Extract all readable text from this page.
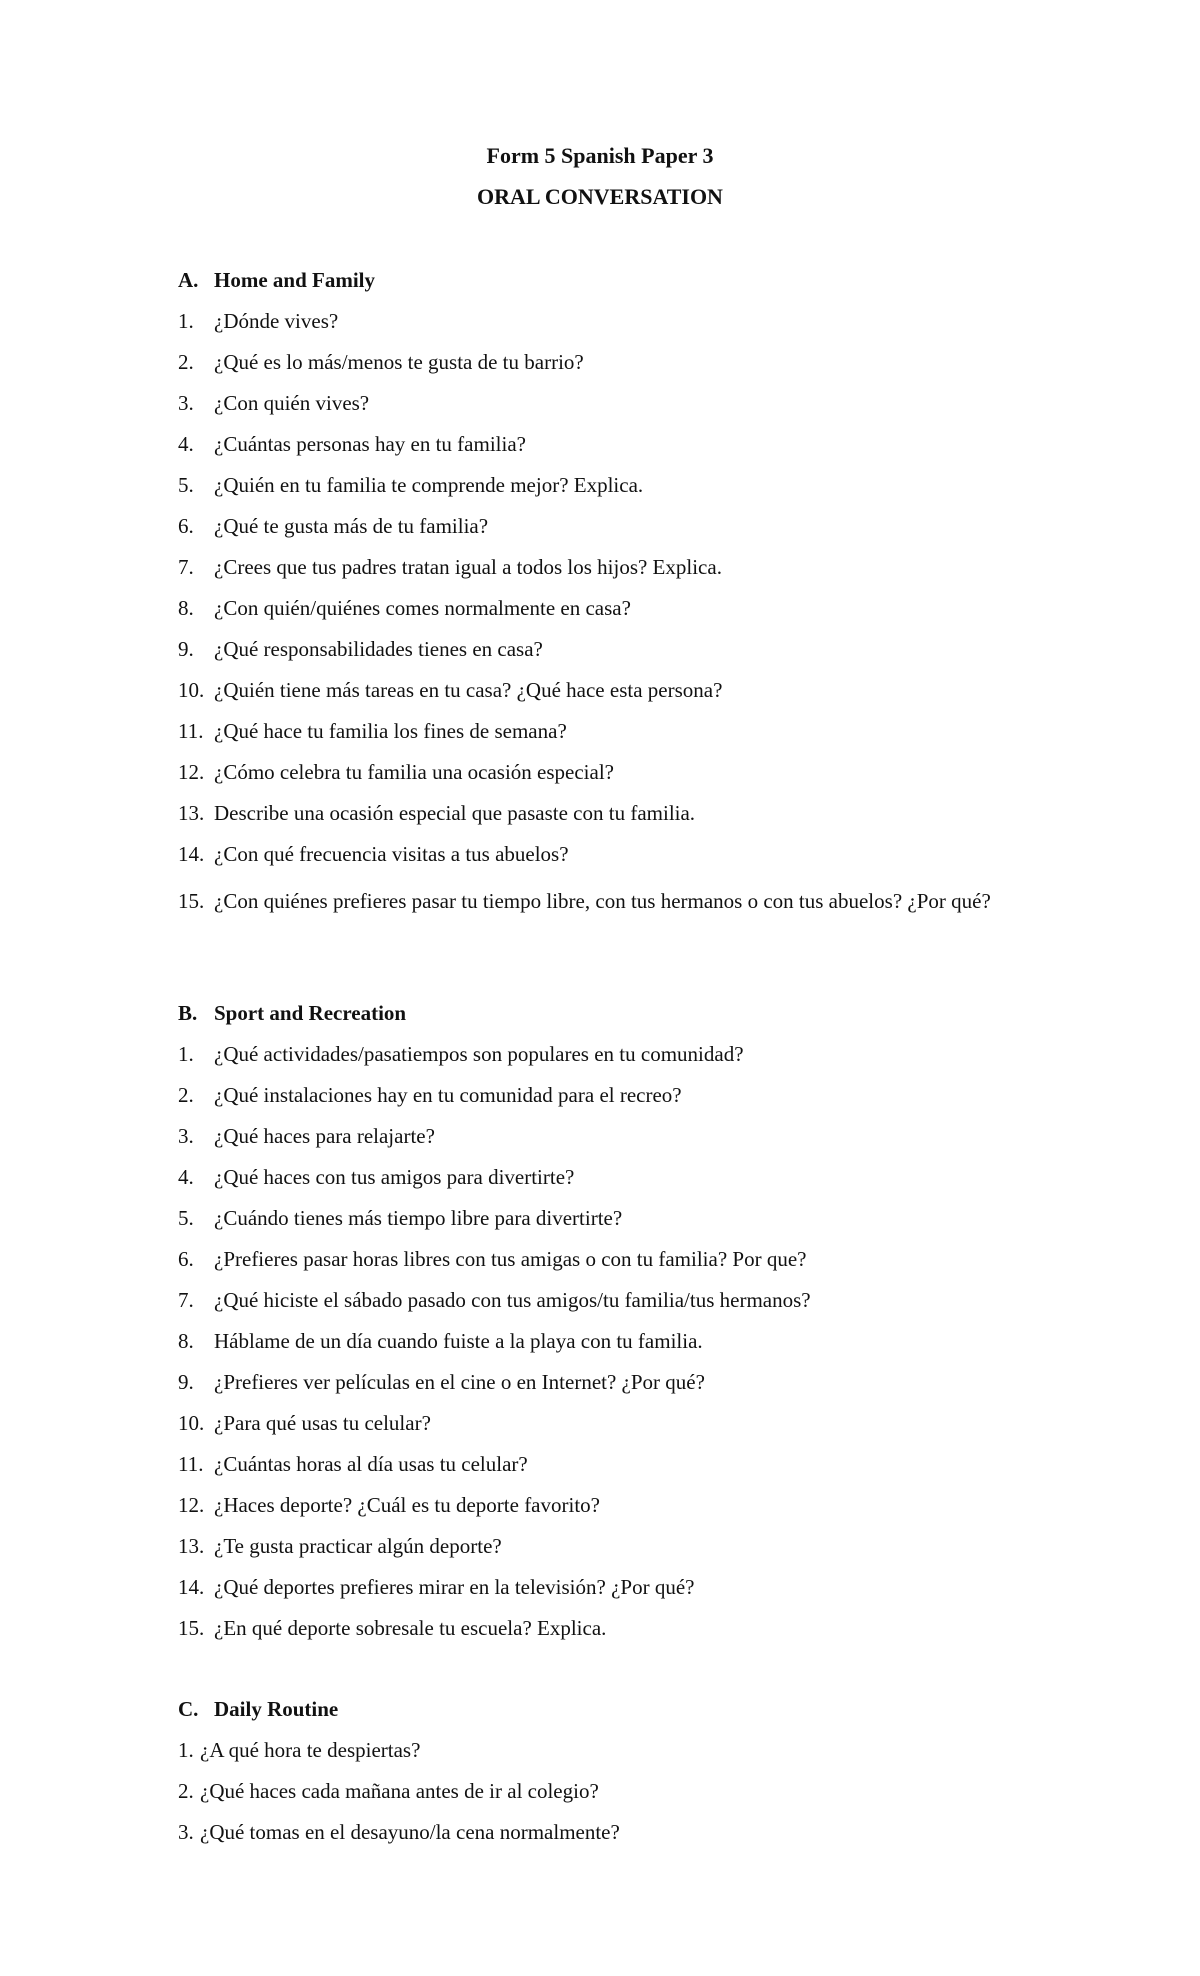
Form 5 Spanish Paper 3
ORAL CONVERSATION
A. Home and Family
1. ¿Dónde vives?
2. ¿Qué es lo más/menos te gusta de tu barrio?
3. ¿Con quién vives?
4. ¿Cuántas personas hay en tu familia?
5. ¿Quién en tu familia te comprende mejor? Explica.
6. ¿Qué te gusta más de tu familia?
7. ¿Crees que tus padres tratan igual a todos los hijos? Explica.
8. ¿Con quién/quiénes comes normalmente en casa?
9. ¿Qué responsabilidades tienes en casa?
10. ¿Quién tiene más tareas en tu casa? ¿Qué hace esta persona?
11. ¿Qué hace tu familia los fines de semana?
12. ¿Cómo celebra tu familia una ocasión especial?
13. Describe una ocasión especial que pasaste con tu familia.
14. ¿Con qué frecuencia visitas a tus abuelos?
15. ¿Con quiénes prefieres pasar tu tiempo libre, con tus hermanos o con tus abuelos? ¿Por qué?
B. Sport and Recreation
1. ¿Qué actividades/pasatiempos son populares en tu comunidad?
2. ¿Qué instalaciones hay en tu comunidad para el recreo?
3. ¿Qué haces para relajarte?
4. ¿Qué haces con tus amigos para divertirte?
5. ¿Cuándo tienes más tiempo libre para divertirte?
6. ¿Prefieres pasar horas libres con tus amigas o con tu familia? Por que?
7. ¿Qué hiciste el sábado pasado con tus amigos/tu familia/tus hermanos?
8. Háblame de un día cuando fuiste a la playa con tu familia.
9. ¿Prefieres ver películas en el cine o en Internet? ¿Por qué?
10. ¿Para qué usas tu celular?
11. ¿Cuántas horas al día usas tu celular?
12. ¿Haces deporte? ¿Cuál es tu deporte favorito?
13. ¿Te gusta practicar algún deporte?
14. ¿Qué deportes prefieres mirar en la televisión? ¿Por qué?
15. ¿En qué deporte sobresale tu escuela? Explica.
C. Daily Routine
1. ¿A qué hora te despiertas?
2. ¿Qué haces cada mañana antes de ir al colegio?
3. ¿Qué tomas en el desayuno/la cena normalmente?
